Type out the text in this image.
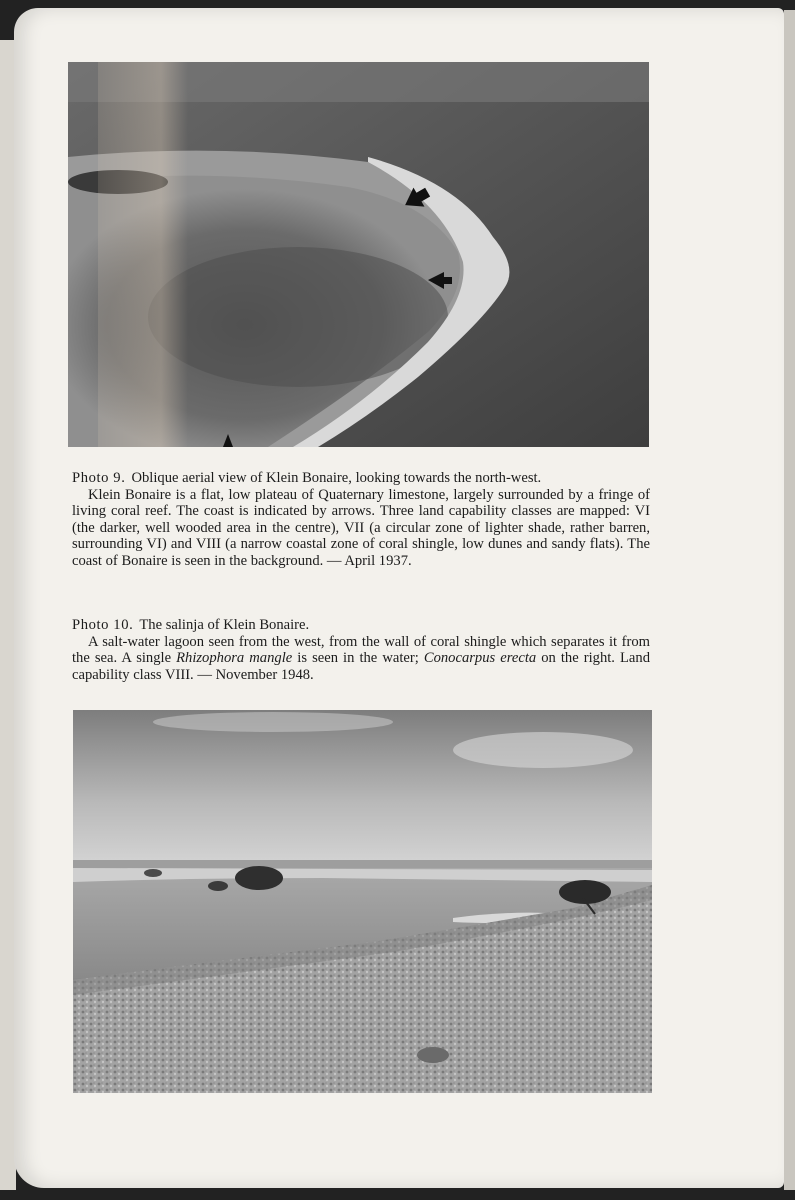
Photo 9. Oblique aerial view of Klein Bonaire, looking towards the north-west.

Klein Bonaire is a flat, low plateau of Quaternary limestone, largely surrounded by a fringe of living coral reef. The coast is indicated by arrows. Three land capability classes are mapped: VI (the darker, well wooded area in the centre), VII (a circular zone of lighter shade, rather barren, surrounding VI) and VIII (a narrow coastal zone of coral shingle, low dunes and sandy flats). The coast of Bonaire is seen in the background. — April 1937.

Photo 10. The salinja of Klein Bonaire.

A salt-water lagoon seen from the west, from the wall of coral shingle which separates it from the sea. A single Rhizophora mangle is seen in the water; Conocarpus erecta on the right. Land capability class VIII. — November 1948.
